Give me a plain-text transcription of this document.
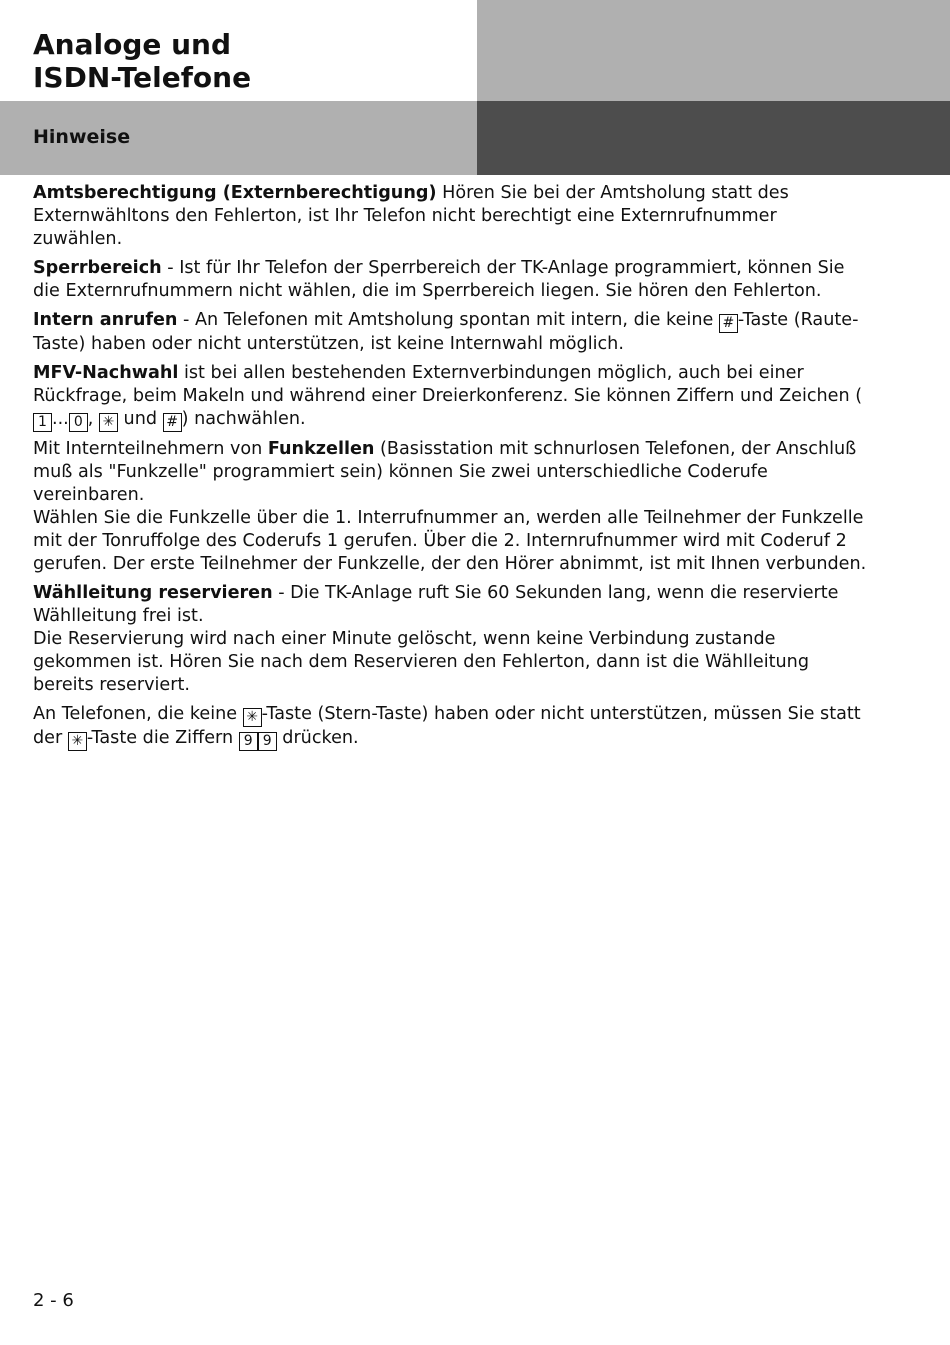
Analoge und
ISDN-Telefone
Hinweise

Amtsberechtigung (Externberechtigung) Hören Sie bei der Amtsholung statt des Externwähltons den Fehlerton, ist Ihr Telefon nicht berechtigt eine Externrufnummer zuwählen.

Sperrbereich - Ist für Ihr Telefon der Sperrbereich der TK-Anlage programmiert, können Sie die Externrufnummern nicht wählen, die im Sperrbereich liegen. Sie hören den Fehlerton.

Intern anrufen - An Telefonen mit Amtsholung spontan mit intern, die keine # -Taste (Raute-Taste) haben oder nicht unterstützen, ist keine Internwahl möglich.

MFV-Nachwahl ist bei allen bestehenden Externverbindungen möglich, auch bei einer Rückfrage, beim Makeln und während einer Dreierkonferenz. Sie können Ziffern und Zeichen (1 ... 0 , ✳ und # ) nachwählen.

Mit Internteilnehmern von Funkzellen (Basisstation mit schnurlosen Telefonen, der Anschluß muß als "Funkzelle" programmiert sein) können Sie zwei unterschiedliche Coderufe vereinbaren.

Wählen Sie die Funkzelle über die 1. Interrufnummer an, werden alle Teilnehmer der Funkzelle mit der Tonruffolge des Coderufs 1 gerufen. Über die 2. Internrufnummer wird mit Coderuf 2 gerufen. Der erste Teilnehmer der Funkzelle, der den Hörer abnimmt, ist mit Ihnen verbunden.

Wählleitung reservieren - Die TK-Anlage ruft Sie 60 Sekunden lang, wenn die reservierte Wählleitung frei ist.

Die Reservierung wird nach einer Minute gelöscht, wenn keine Verbindung zustande gekommen ist. Hören Sie nach dem Reservieren den Fehlerton, dann ist die Wählleitung bereits reserviert.

An Telefonen, die keine ✳ -Taste (Stern-Taste) haben oder nicht unterstützen, müssen Sie statt der ✳ -Taste die Ziffern 9 9 drücken.

2 - 6
